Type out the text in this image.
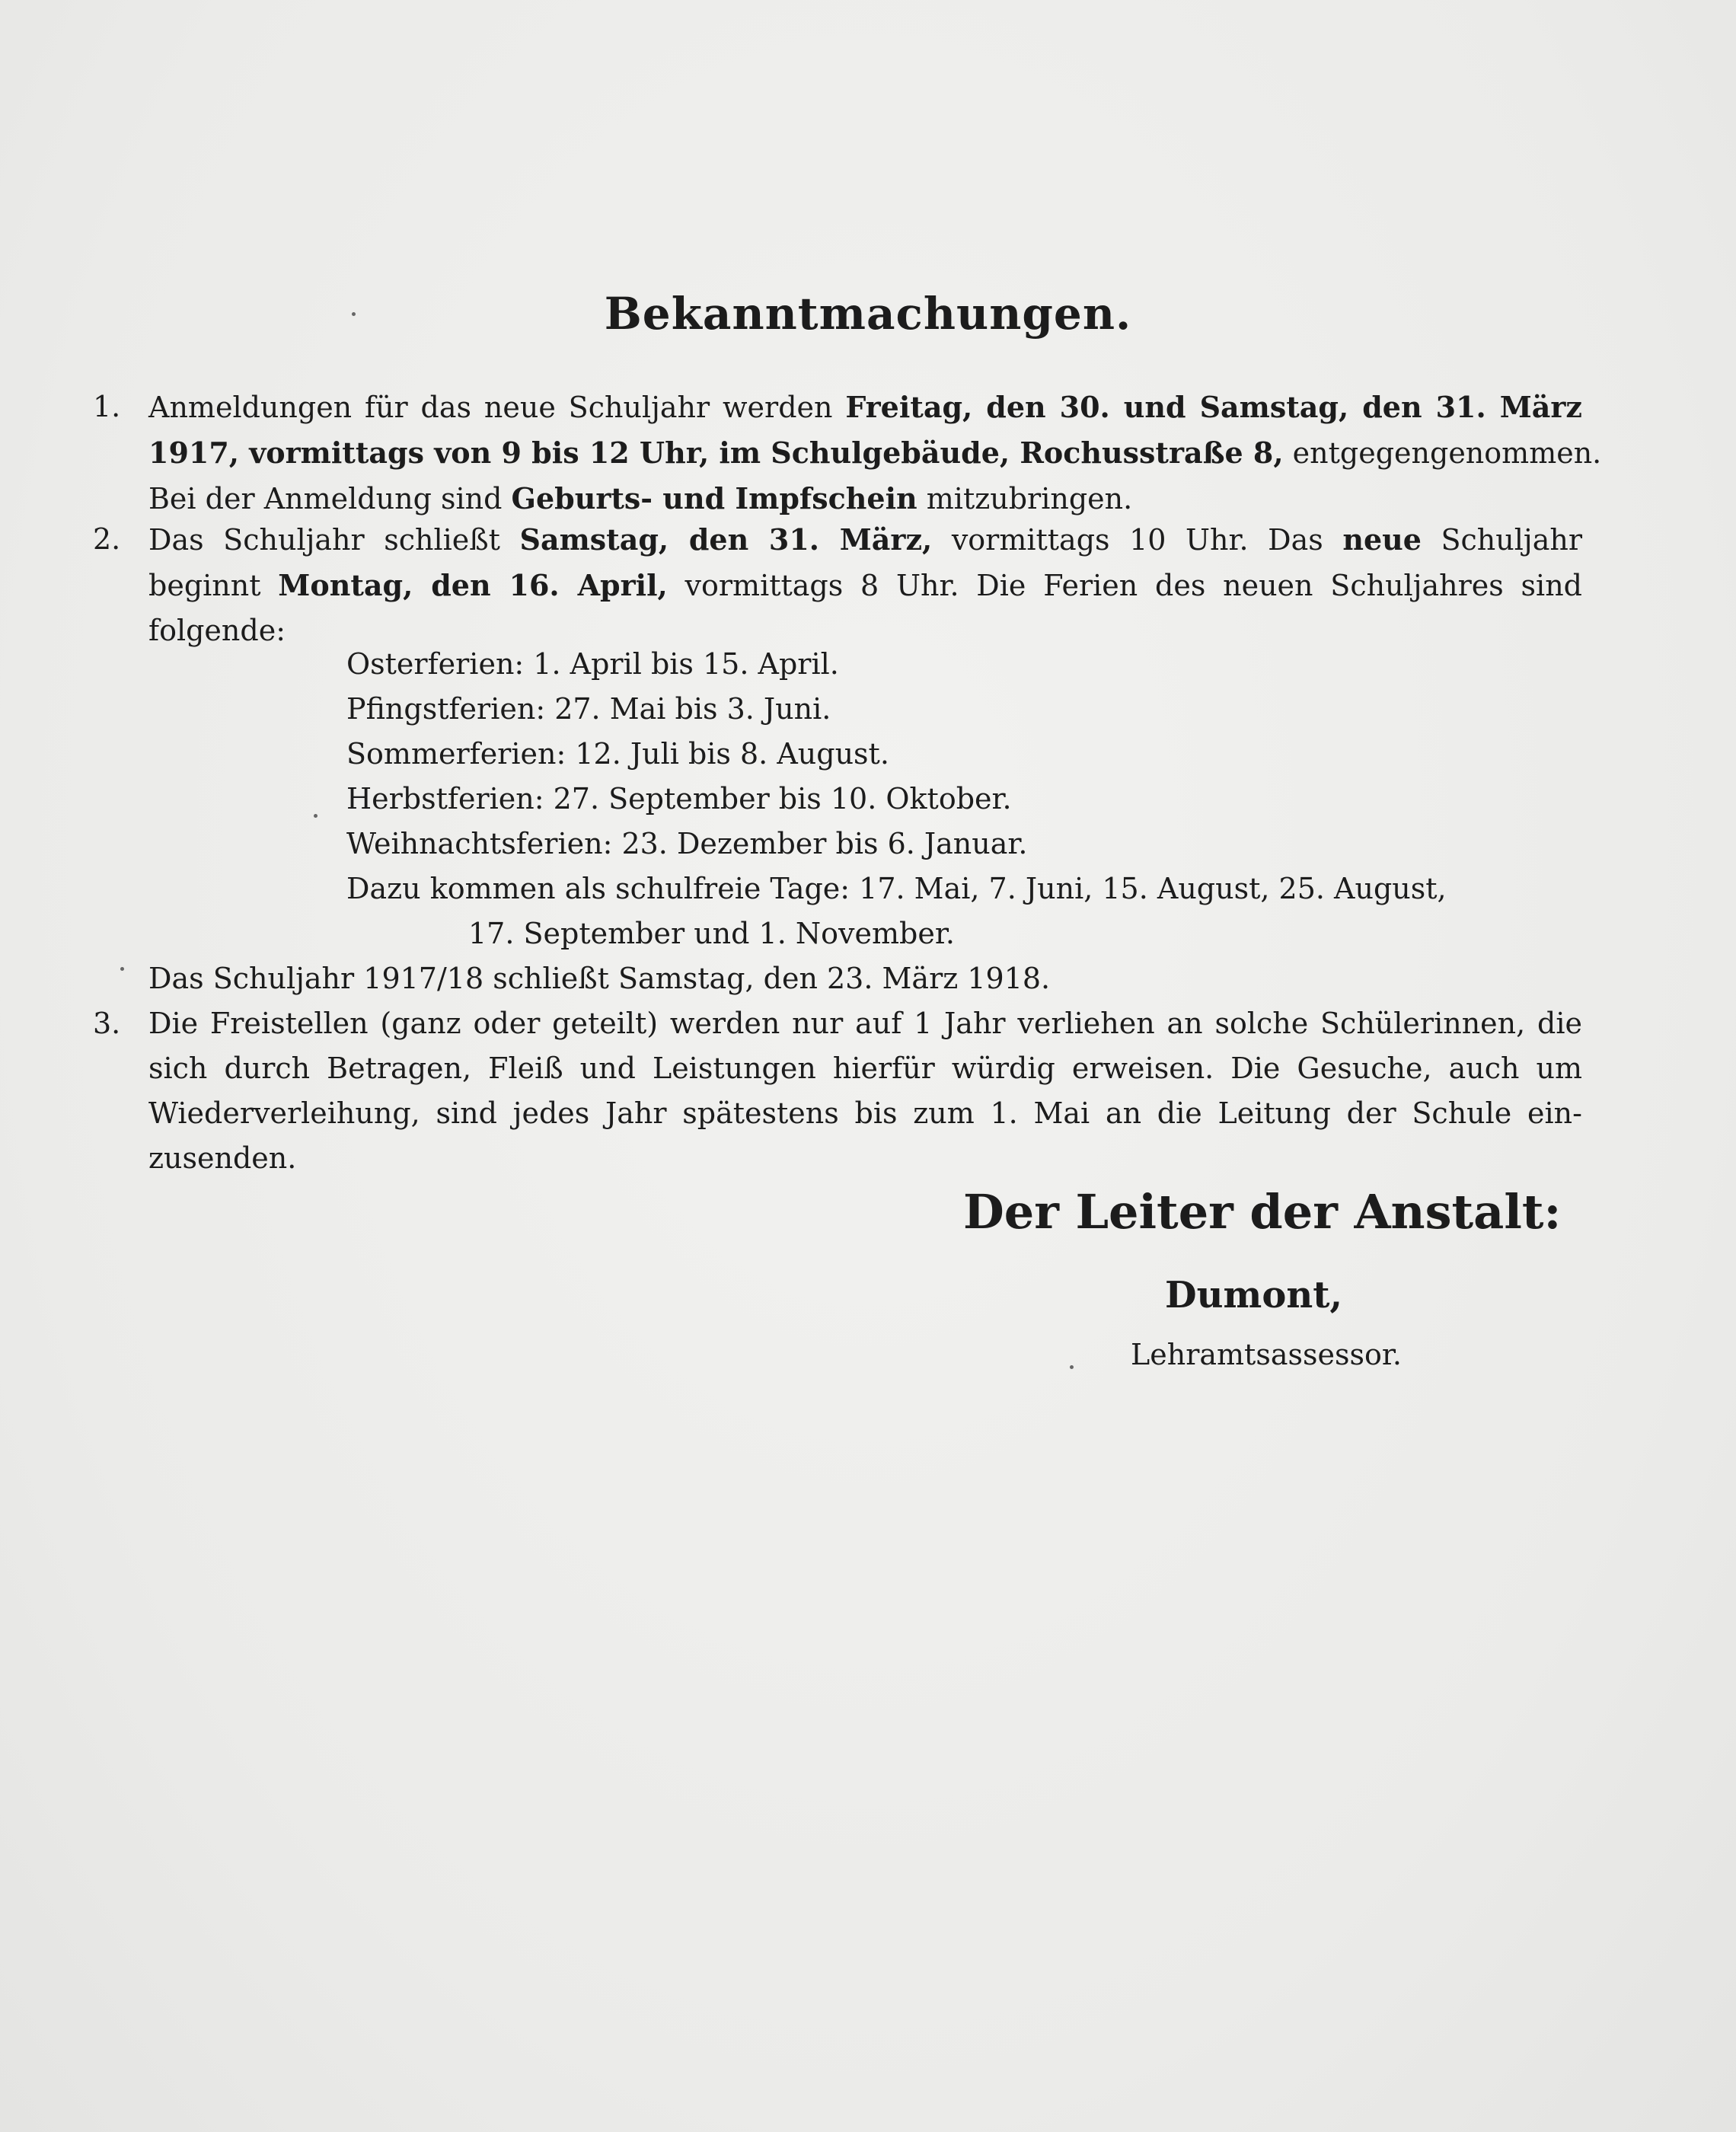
Bekanntmachungen.
1. Anmeldungen für das neue Schuljahr werden Freitag, den 30. und Samstag, den 31. März
1917, vormittags von 9 bis 12 Uhr, im Schulgebäude, Rochusstraße 8, entgegengenommen.
Bei der Anmeldung sind Geburts- und Impfschein mitzubringen.
2. Das Schuljahr schließt Samstag, den 31. März, vormittags 10 Uhr. Das neue Schuljahr
beginnt Montag, den 16. April, vormittags 8 Uhr. Die Ferien des neuen Schuljahres sind
folgende:
Osterferien: 1. April bis 15. April.
Pfingstferien: 27. Mai bis 3. Juni.
Sommerferien: 12. Juli bis 8. August.
Herbstferien: 27. September bis 10. Oktober.
Weihnachtsferien: 23. Dezember bis 6. Januar.
Dazu kommen als schulfreie Tage: 17. Mai, 7. Juni, 15. August, 25. August,
17. September und 1. November.
Das Schuljahr 1917/18 schließt Samstag, den 23. März 1918.
3. Die Freistellen (ganz oder geteilt) werden nur auf 1 Jahr verliehen an solche Schülerinnen, die
sich durch Betragen, Fleiß und Leistungen hierfür würdig erweisen. Die Gesuche, auch um
Wiederverleihung, sind jedes Jahr spätestens bis zum 1. Mai an die Leitung der Schule ein-
zusenden.
Der Leiter der Anstalt:
Dumont,
Lehramtsassessor.
